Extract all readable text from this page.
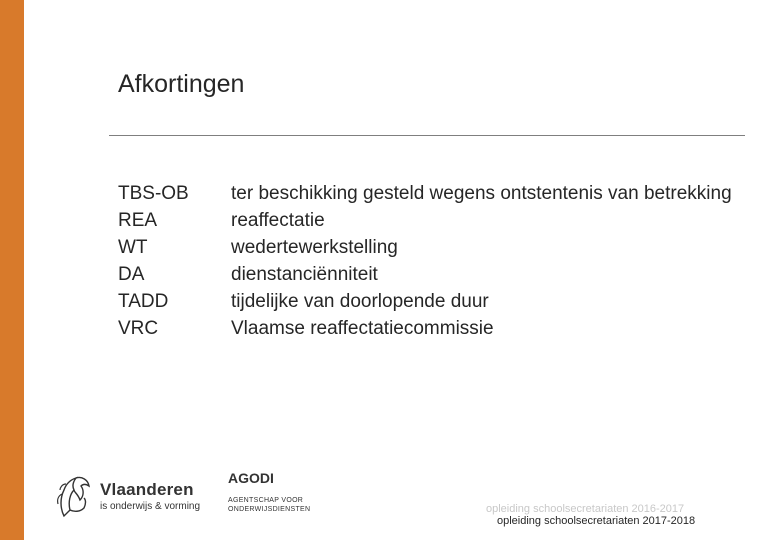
Afkortingen
TBS-OB	ter beschikking gesteld wegens ontstentenis van betrekking
REA	reaffectatie
WT	wedertewerkstelling
DA	dienstanciënniteit
TADD	tijdelijke van doorlopende duur
VRC	Vlaamse reaffectatiecommissie
Vlaanderen
is onderwijs & vorming
AGODI
AGENTSCHAP VOOR
ONDERWIJSDIENSTEN	opleiding schoolsecretariaten 2016-2017
opleiding schoolsecretariaten 2017-2018
